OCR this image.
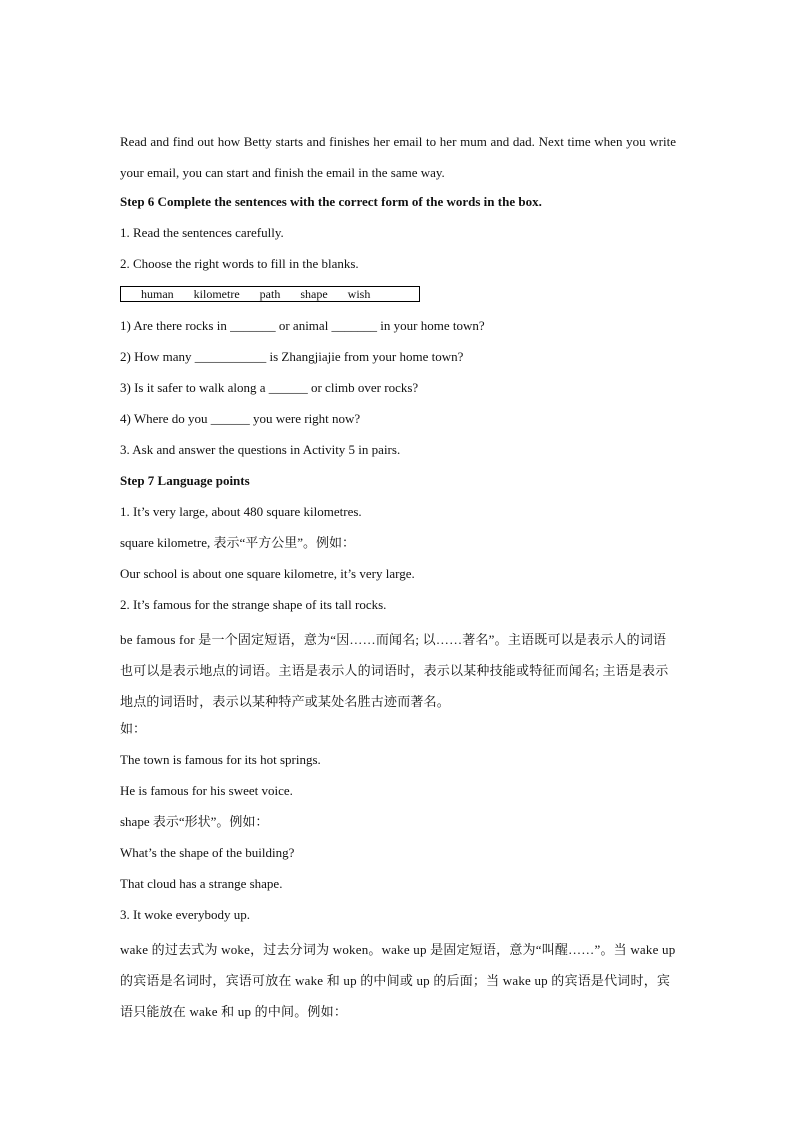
Read and find out how Betty starts and finishes her email to her mum and dad. Next time when you write your email, you can start and finish the email in the same way.

Step 6 Complete the sentences with the correct form of the words in the box.

1. Read the sentences carefully.

2. Choose the right words to fill in the blanks.

human kilometre path shape wish

1) Are there rocks in _______ or animal _______ in your home town?

2) How many ___________ is Zhangjiajie from your home town?

3) Is it safer to walk along a ______ or climb over rocks?

4) Where do you ______ you were right now?

3. Ask and answer the questions in Activity 5 in pairs.

Step 7 Language points

1. It’s very large, about 480 square kilometres.

square kilometre, 表示“平方公里”。例如：

Our school is about one square kilometre, it’s very large.

2. It’s famous for the strange shape of its tall rocks.

be famous for 是一个固定短语，意为“因……而闻名; 以……著名”。主语既可以是表示人的词语也可以是表示地点的词语。主语是表示人的词语时，表示以某种技能或特征而闻名; 主语是表示地点的词语时，表示以某种特产或某处名胜古迹而著名。

如：

The town is famous for its hot springs.

He is famous for his sweet voice.

shape 表示“形状”。例如：

What’s the shape of the building?

That cloud has a strange shape.

3. It woke everybody up.

wake 的过去式为 woke，过去分词为 woken。wake up 是固定短语，意为“叫醒……”。当 wake up 的宾语是名词时，宾语可放在 wake 和 up 的中间或 up 的后面；当 wake up 的宾语是代词时，宾语只能放在 wake 和 up 的中间。例如：
